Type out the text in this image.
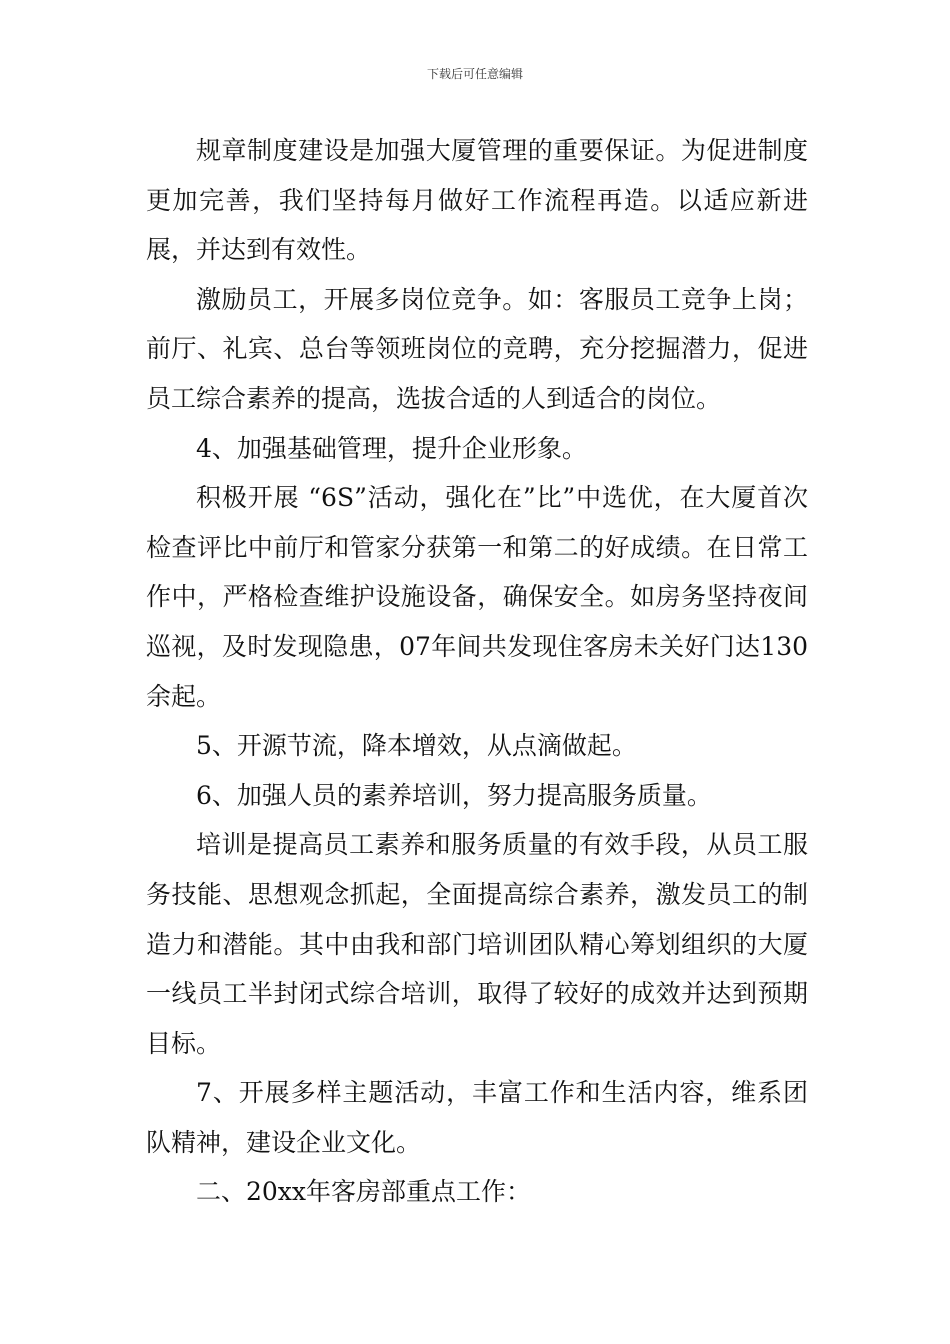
下载后可任意编辑

规章制度建设是加强大厦管理的重要保证。为促进制度更加完善，我们坚持每月做好工作流程再造。以适应新进展，并达到有效性。

激励员工，开展多岗位竞争。如：客服员工竞争上岗；前厅、礼宾、总台等领班岗位的竞聘，充分挖掘潜力，促进员工综合素养的提高，选拔合适的人到适合的岗位。

4、加强基础管理，提升企业形象。

积极开展 “6S”活动，强化在”比”中选优，在大厦首次检查评比中前厅和管家分获第一和第二的好成绩。在日常工作中，严格检查维护设施设备，确保安全。如房务坚持夜间巡视，及时发现隐患，07年间共发现住客房未关好门达130余起。

5、开源节流，降本增效，从点滴做起。

6、加强人员的素养培训，努力提高服务质量。

培训是提高员工素养和服务质量的有效手段，从员工服务技能、思想观念抓起，全面提高综合素养，激发员工的制造力和潜能。其中由我和部门培训团队精心筹划组织的大厦一线员工半封闭式综合培训，取得了较好的成效并达到预期目标。

7、开展多样主题活动，丰富工作和生活内容，维系团队精神，建设企业文化。

二、20xx年客房部重点工作：
